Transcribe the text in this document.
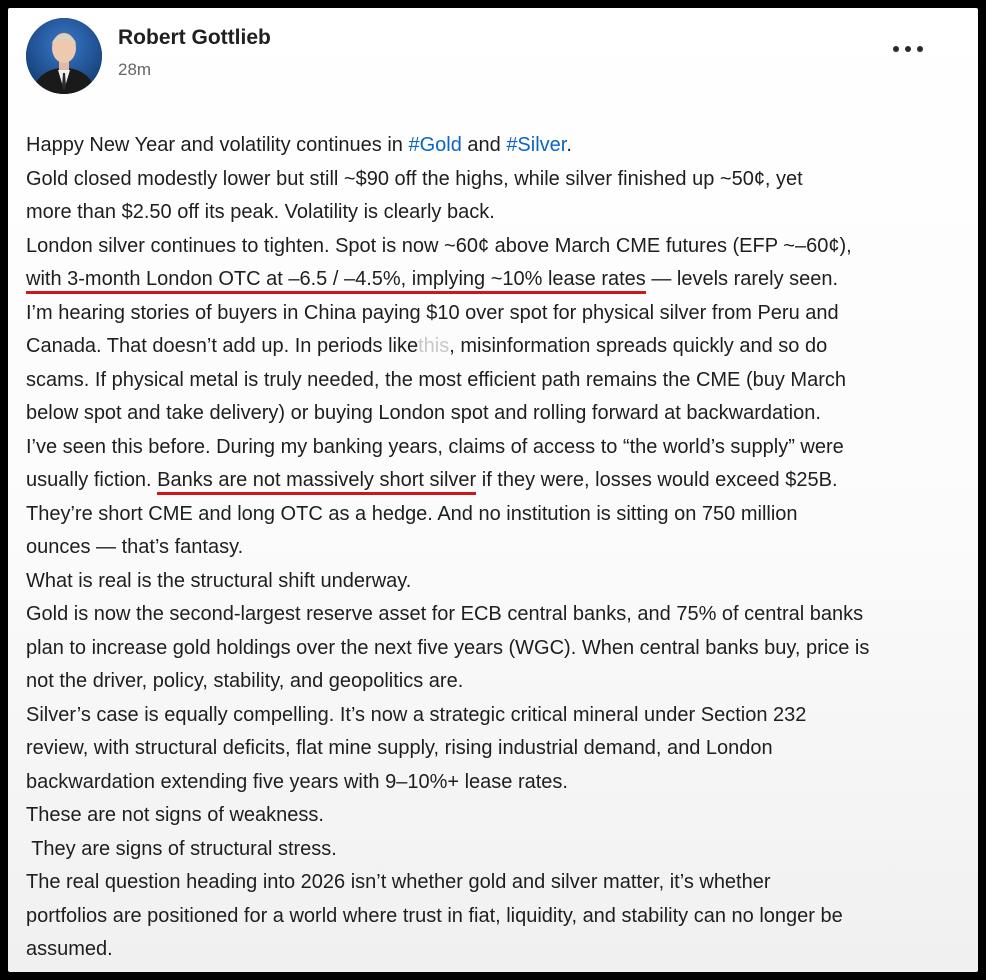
Robert Gottlieb
28m
Happy New Year and volatility continues in #Gold and #Silver.
Gold closed modestly lower but still ~$90 off the highs, while silver finished up ~50¢, yet
more than $2.50 off its peak. Volatility is clearly back.
London silver continues to tighten. Spot is now ~60¢ above March CME futures (EFP ~–60¢),
with 3-month London OTC at –6.5 / –4.5%, implying ~10% lease rates — levels rarely seen.
I’m hearing stories of buyers in China paying $10 over spot for physical silver from Peru and
Canada. That doesn’t add up. In periods likethis, misinformation spreads quickly and so do
scams. If physical metal is truly needed, the most efficient path remains the CME (buy March
below spot and take delivery) or buying London spot and rolling forward at backwardation.
I’ve seen this before. During my banking years, claims of access to “the world’s supply” were
usually fiction. Banks are not massively short silver if they were, losses would exceed $25B.
They’re short CME and long OTC as a hedge. And no institution is sitting on 750 million
ounces — that’s fantasy.
What is real is the structural shift underway.
Gold is now the second-largest reserve asset for ECB central banks, and 75% of central banks
plan to increase gold holdings over the next five years (WGC). When central banks buy, price is
not the driver, policy, stability, and geopolitics are.
Silver’s case is equally compelling. It’s now a strategic critical mineral under Section 232
review, with structural deficits, flat mine supply, rising industrial demand, and London
backwardation extending five years with 9–10%+ lease rates.
These are not signs of weakness.
They are signs of structural stress.
The real question heading into 2026 isn’t whether gold and silver matter, it’s whether
portfolios are positioned for a world where trust in fiat, liquidity, and stability can no longer be
assumed.
